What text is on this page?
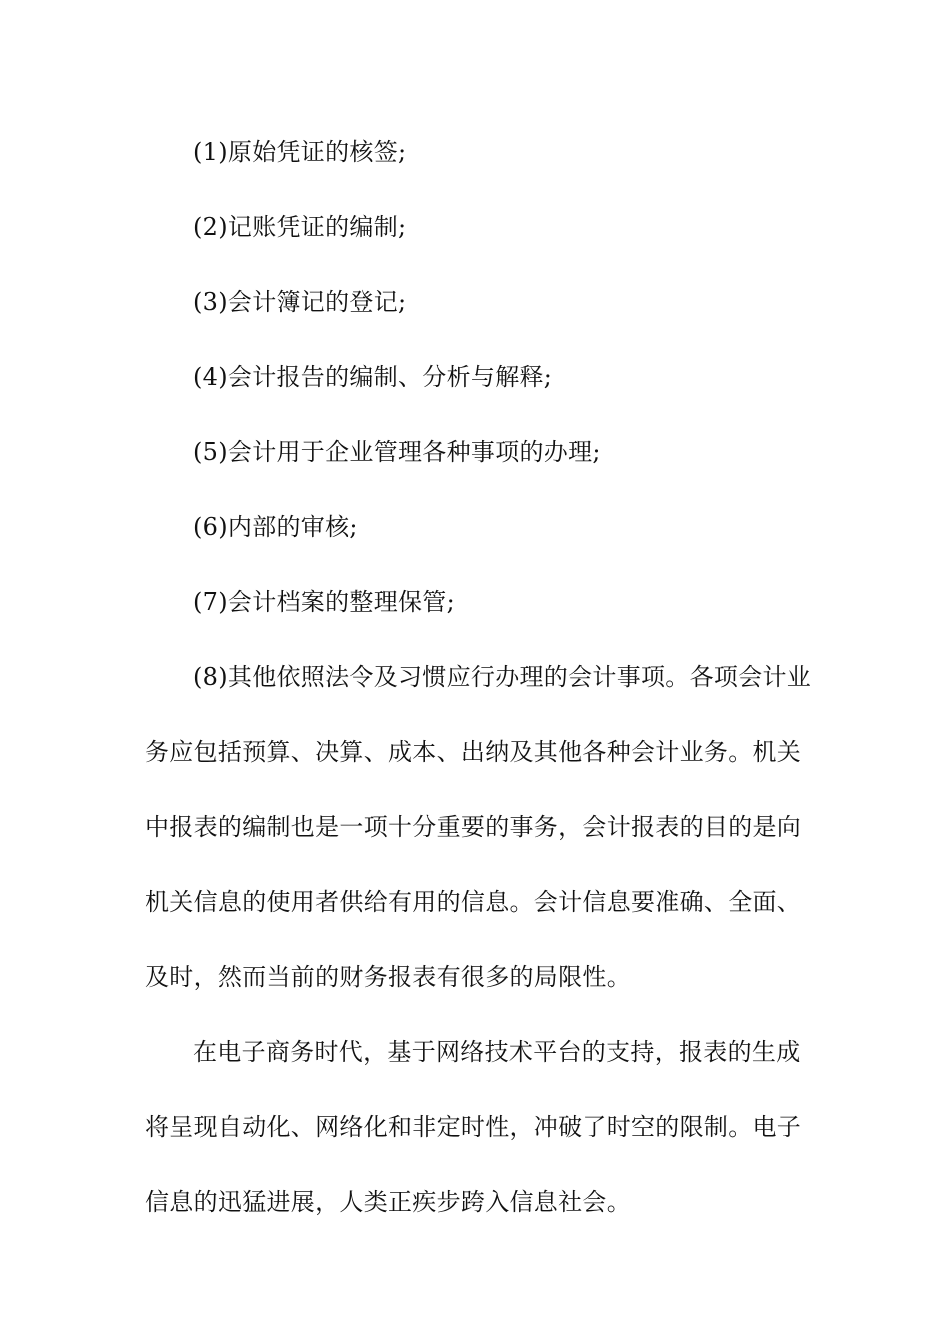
(1)原始凭证的核签;
(2)记账凭证的编制;
(3)会计簿记的登记;
(4)会计报告的编制、分析与解释;
(5)会计用于企业管理各种事项的办理;
(6)内部的审核;
(7)会计档案的整理保管;
(8)其他依照法令及习惯应行办理的会计事项。各项会计业
务应包括预算、决算、成本、出纳及其他各种会计业务。机关
中报表的编制也是一项十分重要的事务，会计报表的目的是向
机关信息的使用者供给有用的信息。会计信息要准确、全面、
及时，然而当前的财务报表有很多的局限性。
在电子商务时代，基于网络技术平台的支持，报表的生成
将呈现自动化、网络化和非定时性，冲破了时空的限制。电子
信息的迅猛进展，人类正疾步跨入信息社会。
